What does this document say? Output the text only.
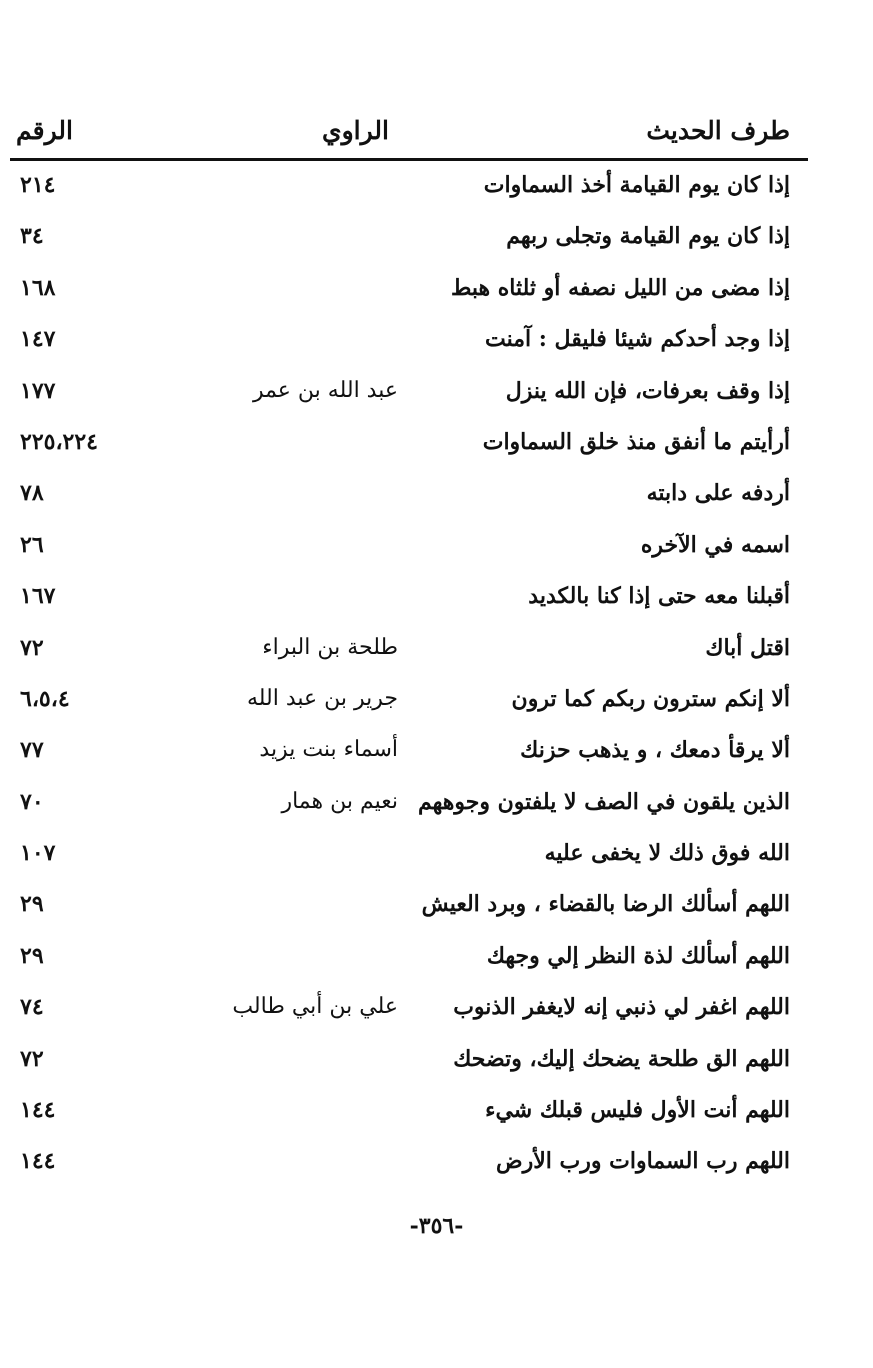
طرف الحديث
الراوي
الرقم
إذا كان يوم القيامة أخذ السماوات
٢١٤
إذا كان يوم القيامة وتجلى ربهم
٣٤
إذا مضى من الليل نصفه أو ثلثاه هبط
١٦٨
إذا وجد أحدكم شيئا فليقل : آمنت
١٤٧
إذا وقف بعرفات، فإن الله ينزل
عبد الله بن عمر
١٧٧
أرأيتم ما أنفق منذ خلق السماوات
٢٢٥،٢٢٤
أردفه على دابته
٧٨
اسمه في الآخره
٢٦
أقبلنا معه حتى إذا كنا بالكديد
١٦٧
اقتل أباك
طلحة بن البراء
٧٢
ألا إنكم سترون ربكم كما ترون
جرير بن عبد الله
٦،٥،٤
ألا يرقأ دمعك ، و يذهب حزنك
أسماء بنت يزيد
٧٧
الذين يلقون في الصف لا يلفتون وجوههم
نعيم بن همار
٧٠
الله فوق ذلك لا يخفى عليه
١٠٧
اللهم أسألك الرضا بالقضاء ، وبرد العيش
٢٩
اللهم أسألك لذة النظر إلي وجهك
٢٩
اللهم اغفر لي ذنبي إنه لايغفر الذنوب
علي بن أبي طالب
٧٤
اللهم الق طلحة يضحك إليك، وتضحك
٧٢
اللهم أنت الأول فليس قبلك شيء
١٤٤
اللهم رب السماوات ورب الأرض
١٤٤
-٣٥٦-
